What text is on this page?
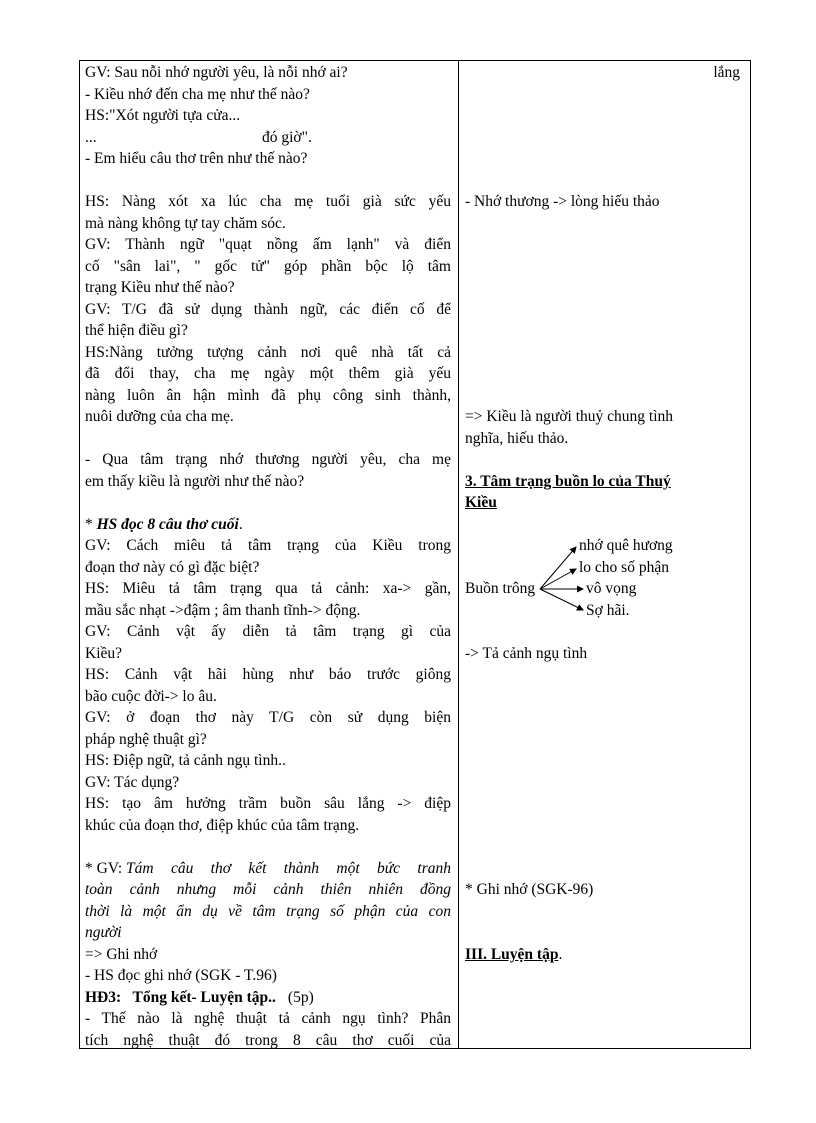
GV: Sau nỗi nhớ người yêu, là nỗi nhớ ai?
- Kiều nhớ đến cha mẹ như thế nào?
HS:"Xót người tựa cửa...
...	đó giờ".
- Em hiểu câu thơ trên như thế nào?
HS: Nàng xót xa lúc cha mẹ tuổi già sức yếu
mà nàng không tự tay chăm sóc.
GV: Thành ngữ "quạt nồng ấm lạnh" và điển
cố "sân lai", " gốc tử" góp phần bộc lộ tâm
trạng Kiều như thế nào?
GV: T/G đã sử dụng thành ngữ, các điển cố để
thể hiện điều gì?
HS:Nàng tưởng tượng cảnh nơi quê nhà tất cả
đã đổi thay, cha mẹ ngày một thêm già yếu
nàng luôn ân hận mình đã phụ công sinh thành,
nuôi dưỡng của cha mẹ.
- Qua tâm trạng nhớ thương người yêu, cha mẹ
em thấy kiều là người như thế nào?
* HS đọc 8 câu thơ cuối.
GV: Cách miêu tả tâm trạng của Kiều trong
đoạn thơ này có gì đặc biệt?
HS: Miêu tả tâm trạng qua tả cảnh: xa-> gần,
mầu sắc nhạt ->đậm ; âm thanh tĩnh-> động.
GV: Cảnh vật ấy diễn tả tâm trạng gì của
Kiều?
HS: Cảnh vật hãi hùng như báo trước giông
bão cuộc đời-> lo âu.
GV: ở đoạn thơ này T/G còn sử dụng biện
pháp nghệ thuật gì?
HS: Điệp ngữ, tả cảnh ngụ tình..
GV: Tác dụng?
HS: tạo âm hưởng trầm buồn sâu lắng -> điệp
khúc của đoạn thơ, điệp khúc của tâm trạng.
* GV: Tám câu thơ kết thành một bức tranh
toàn cảnh nhưng mỗi cảnh thiên nhiên đồng
thời là một ẩn dụ về tâm trạng số phận của con
người
=> Ghi nhớ
- HS đọc ghi nhớ (SGK - T.96)
HĐ3:   Tổng kết- Luyện tập.. (5p)
- Thế nào là nghệ thuật tả cảnh ngụ tình? Phân
tích nghệ thuật đó trong 8 câu thơ cuối của
lắng
- Nhớ thương -> lòng hiếu thảo
=> Kiều là người thuỷ chung tình
nghĩa, hiếu thảo.
3. Tâm trạng buồn lo của Thuý
Kiều
Buồn trông
nhớ quê hương
lo cho số phận
vô vọng
Sợ hãi.
-> Tả cảnh ngụ tình
* Ghi nhớ (SGK-96)
III. Luyện tập.
